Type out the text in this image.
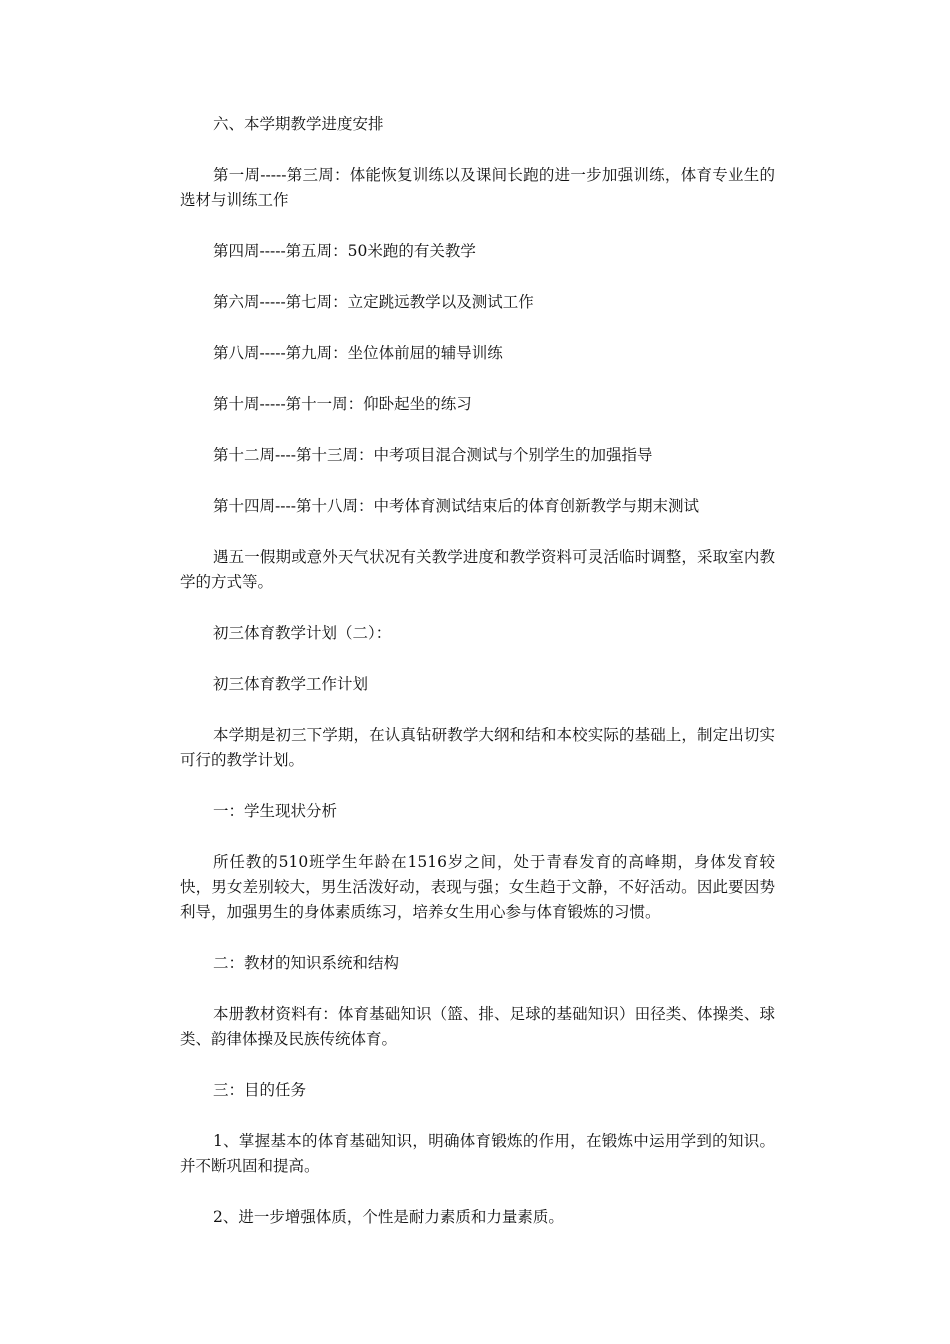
六、本学期教学进度安排

第一周-----第三周：体能恢复训练以及课间长跑的进一步加强训练，体育专业生的选材与训练工作

第四周-----第五周：50米跑的有关教学

第六周-----第七周：立定跳远教学以及测试工作

第八周-----第九周：坐位体前屈的辅导训练

第十周-----第十一周：仰卧起坐的练习

第十二周----第十三周：中考项目混合测试与个别学生的加强指导

第十四周----第十八周：中考体育测试结束后的体育创新教学与期末测试

遇五一假期或意外天气状况有关教学进度和教学资料可灵活临时调整，采取室内教学的方式等。

初三体育教学计划（二）：

初三体育教学工作计划

本学期是初三下学期，在认真钻研教学大纲和结和本校实际的基础上，制定出切实可行的教学计划。

一：学生现状分析

所任教的510班学生年龄在1516岁之间，处于青春发育的高峰期，身体发育较快，男女差别较大，男生活泼好动，表现与强；女生趋于文静，不好活动。因此要因势利导，加强男生的身体素质练习，培养女生用心参与体育锻炼的习惯。

二：教材的知识系统和结构

本册教材资料有：体育基础知识（篮、排、足球的基础知识）田径类、体操类、球类、韵律体操及民族传统体育。

三：目的任务

1、掌握基本的体育基础知识，明确体育锻炼的作用，在锻炼中运用学到的知识。并不断巩固和提高。

2、进一步增强体质，个性是耐力素质和力量素质。
